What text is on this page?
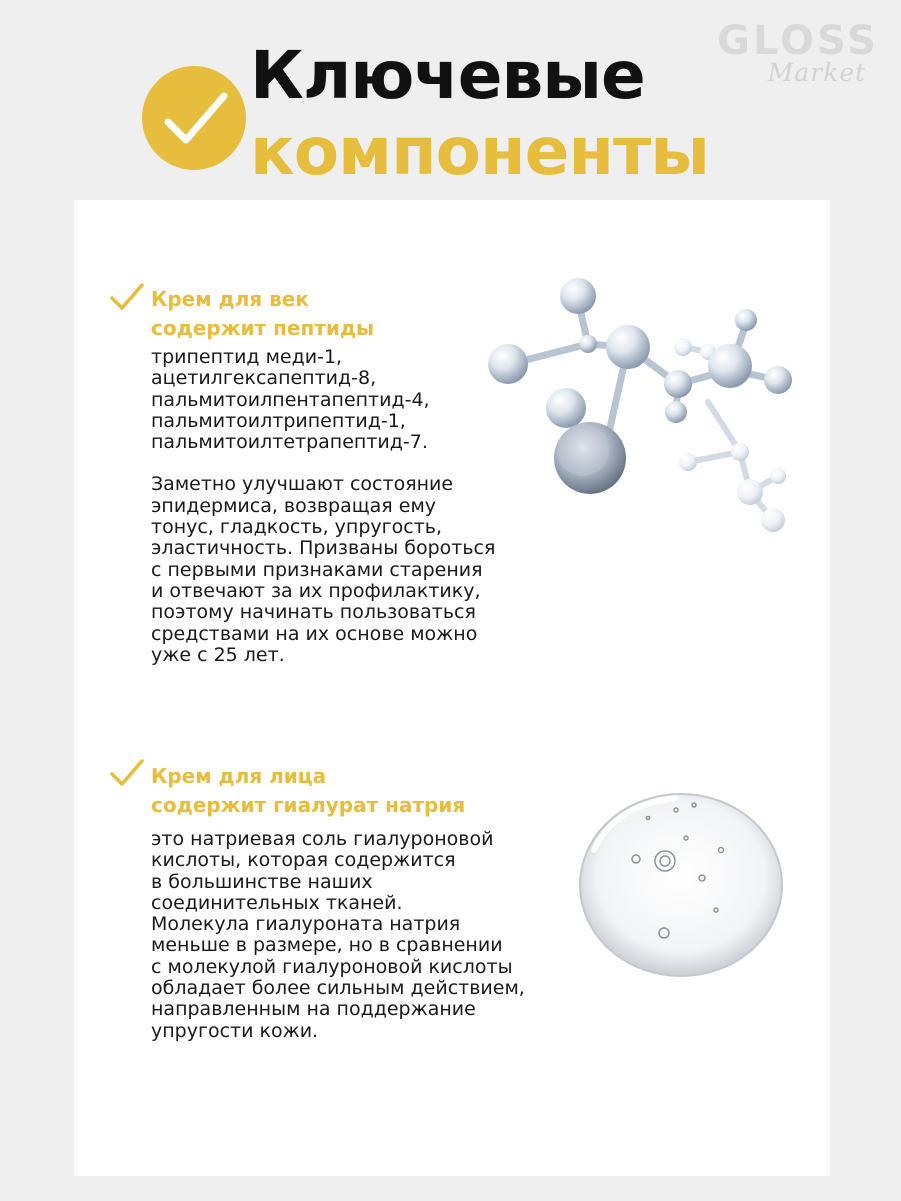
Ключевые
компоненты
GLOSS
Market
Крем для век
содержит пептиды
трипептид меди-1,
ацетилгексапептид-8,
пальмитоилпентапептид-4,
пальмитоилтрипептид-1,
пальмитоилтетрапептид-7.
Заметно улучшают состояние
эпидермиса, возвращая ему
тонус, гладкость, упругость,
эластичность. Призваны бороться
с первыми признаками старения
и отвечают за их профилактику,
поэтому начинать пользоваться
средствами на их основе можно
уже с 25 лет.
Крем для лица
содержит гиалурат натрия
это натриевая соль гиалуроновой
кислоты, которая содержится
в большинстве наших
соединительных тканей.
Молекула гиалуроната натрия
меньше в размере, но в сравнении
с молекулой гиалуроновой кислоты
обладает более сильным действием,
направленным на поддержание
упругости кожи.
